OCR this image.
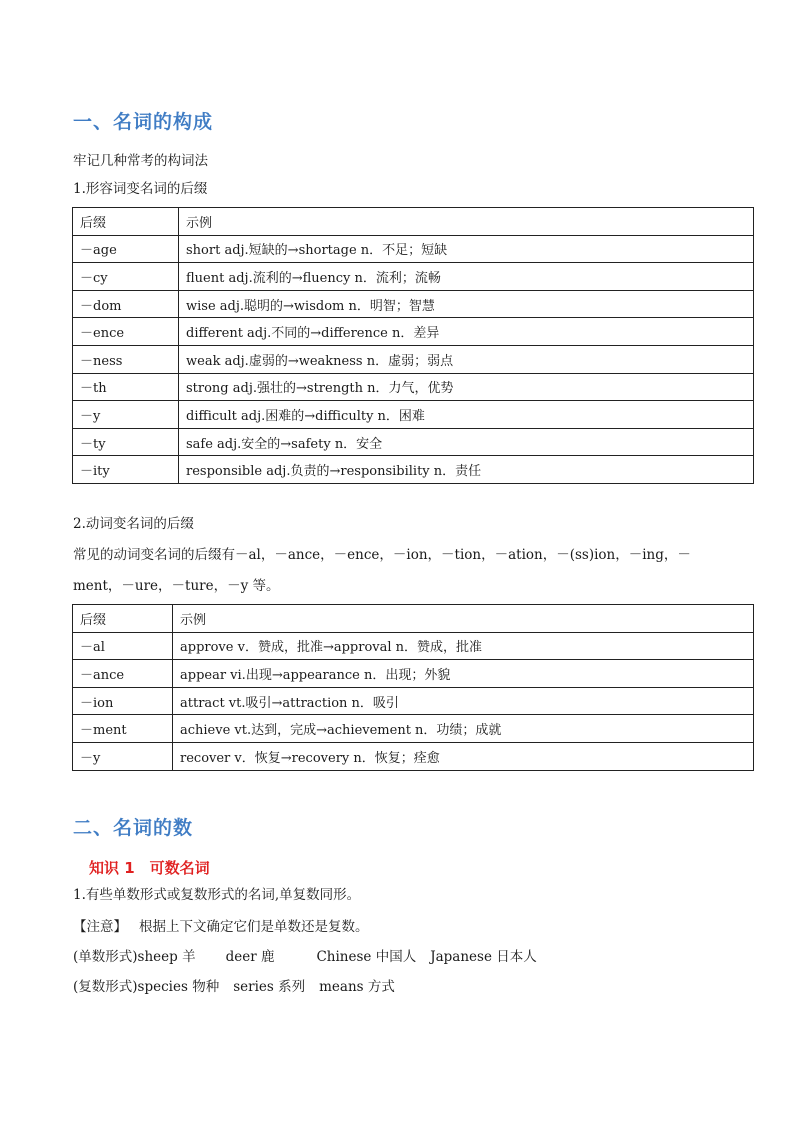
一、名词的构成
牢记几种常考的构词法
1.形容词变名词的后缀
后缀	示例
－age	short adj.短缺的→shortage n．不足；短缺
－cy	fluent adj.流利的→fluency n．流利；流畅
－dom	wise adj.聪明的→wisdom n．明智；智慧
－ence	different adj.不同的→difference n．差异
－ness	weak adj.虚弱的→weakness n．虚弱；弱点
－th	strong adj.强壮的→strength n．力气，优势
－y	difficult adj.困难的→difficulty n．困难
－ty	safe adj.安全的→safety n．安全
－ity	responsible adj.负责的→responsibility n．责任
2.动词变名词的后缀
常见的动词变名词的后缀有－al，－ance，－ence，－ion，－tion，－ation，－(ss)ion，－ing，－
ment，－ure，－ture，－y 等。
后缀	示例
－al	approve v．赞成，批准→approval n．赞成，批准
－ance	appear vi.出现→appearance n．出现；外貌
－ion	attract vt.吸引→attraction n．吸引
－ment	achieve vt.达到，完成→achievement n．功绩；成就
－y	recover v．恢复→recovery n．恢复；痊愈
二、名词的数
知识 1　可数名词
1.有些单数形式或复数形式的名词,单复数同形。
【注意】 根据上下文确定它们是单数还是复数。
(单数形式)sheep 羊 deer 鹿	Chinese 中国人 Japanese 日本人
(复数形式)species 物种 series 系列 means 方式
